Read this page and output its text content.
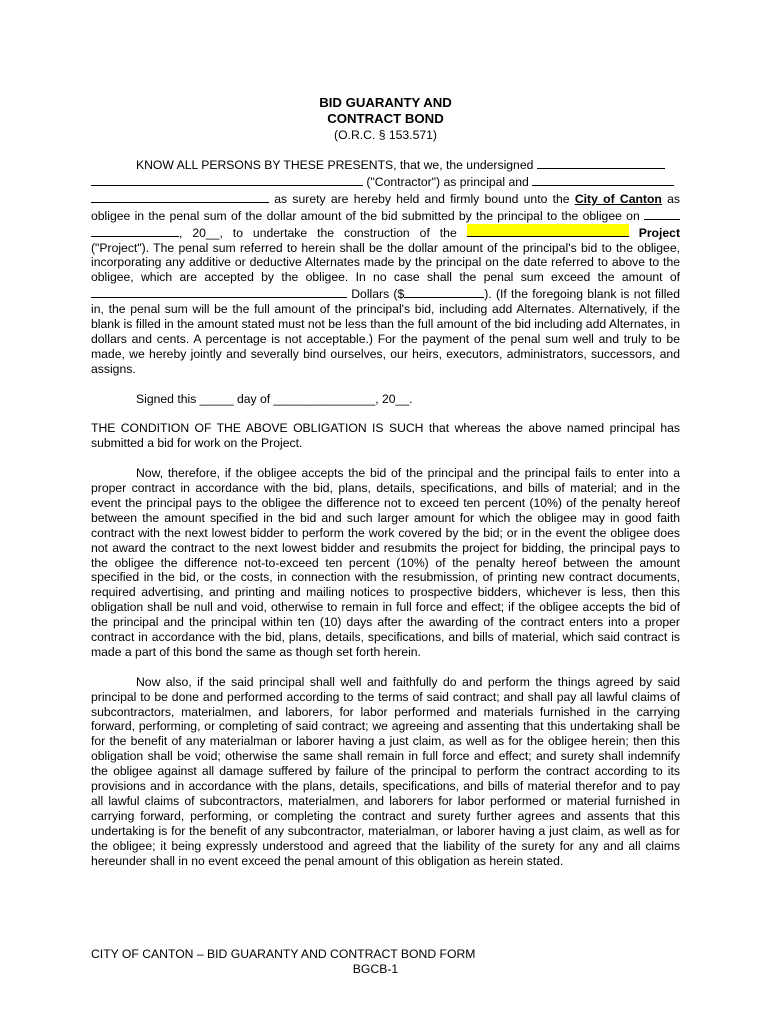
BID GUARANTY AND
CONTRACT BOND
(O.R.C. § 153.571)

KNOW ALL PERSONS BY THESE PRESENTS, that we, the undersigned
("Contractor") as principal and
as surety are hereby held and firmly bound unto the City of Canton as obligee in the penal sum of the dollar amount of the bid submitted by the principal to the obligee on  , 20__, to undertake the construction of the	Project ("Project"). The penal sum referred to herein shall be the dollar amount of the principal's bid to the obligee, incorporating any additive or deductive Alternates made by the principal on the date referred to above to the obligee, which are accepted by the obligee. In no case shall the penal sum exceed the amount of  Dollars ($	). (If the foregoing blank is not filled in, the penal sum will be the full amount of the principal's bid, including add Alternates. Alternatively, if the blank is filled in the amount stated must not be less than the full amount of the bid including add Alternates, in dollars and cents. A percentage is not acceptable.) For the payment of the penal sum well and truly to be made, we hereby jointly and severally bind ourselves, our heirs, executors, administrators, successors, and assigns.

Signed this _____ day of _______________, 20__.

THE CONDITION OF THE ABOVE OBLIGATION IS SUCH that whereas the above named principal has submitted a bid for work on the Project.

Now, therefore, if the obligee accepts the bid of the principal and the principal fails to enter into a proper contract in accordance with the bid, plans, details, specifications, and bills of material; and in the event the principal pays to the obligee the difference not to exceed ten percent (10%) of the penalty hereof between the amount specified in the bid and such larger amount for which the obligee may in good faith contract with the next lowest bidder to perform the work covered by the bid; or in the event the obligee does not award the contract to the next lowest bidder and resubmits the project for bidding, the principal pays to the obligee the difference not-to-exceed ten percent (10%) of the penalty hereof between the amount specified in the bid, or the costs, in connection with the resubmission, of printing new contract documents, required advertising, and printing and mailing notices to prospective bidders, whichever is less, then this obligation shall be null and void, otherwise to remain in full force and effect; if the obligee accepts the bid of the principal and the principal within ten (10) days after the awarding of the contract enters into a proper contract in accordance with the bid, plans, details, specifications, and bills of material, which said contract is made a part of this bond the same as though set forth herein.

Now also, if the said principal shall well and faithfully do and perform the things agreed by said principal to be done and performed according to the terms of said contract; and shall pay all lawful claims of subcontractors, materialmen, and laborers, for labor performed and materials furnished in the carrying forward, performing, or completing of said contract; we agreeing and assenting that this undertaking shall be for the benefit of any materialman or laborer having a just claim, as well as for the obligee herein; then this obligation shall be void; otherwise the same shall remain in full force and effect; and surety shall indemnify the obligee against all damage suffered by failure of the principal to perform the contract according to its provisions and in accordance with the plans, details, specifications, and bills of material therefor and to pay all lawful claims of subcontractors, materialmen, and laborers for labor performed or material furnished in carrying forward, performing, or completing the contract and surety further agrees and assents that this undertaking is for the benefit of any subcontractor, materialman, or laborer having a just claim, as well as for the obligee; it being expressly understood and agreed that the liability of the surety for any and all claims hereunder shall in no event exceed the penal amount of this obligation as herein stated.

CITY OF CANTON – BID GUARANTY AND CONTRACT BOND FORM
BGCB-1
